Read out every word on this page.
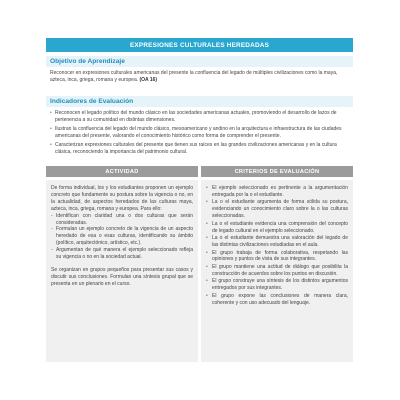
EXPRESIONES CULTURALES HEREDADAS
Objetivo de Aprendizaje
Reconocer en expresiones culturales americanas del presente la confluencia del legado de múltiples civilizaciones como la maya, azteca, inca, griega, romana y europea. (OA 16)
Indicadores de Evaluación
• Reconocen el legado político del mundo clásico en las sociedades americanas actuales, promoviendo el desarrollo de lazos de pertenencia a su comunidad en distintas dimensiones.
• Ilustran la confluencia del legado del mundo clásico, mesoamericano y andino en la arquitectura e infraestructura de las ciudades americanas del presente, valorando el conocimiento histórico como forma de comprender el presente.
• Caracterizan expresiones culturales del presente que tienen sus raíces en las grandes civilizaciones americanas y en la cultura clásica, reconociendo la importancia del patrimonio cultural.
ACTIVIDAD	CRITERIOS DE EVALUACIÓN

De forma individual, los y los estudiantes proponen un ejemplo concreto que fundamente su postura sobre la vigencia o no, en la actualidad, de aspectos heredados de las culturas maya, azteca, inca, griega, romana y europea. Para ello:

- Identifican con claridad una o dos culturas que serán consideradas.
- Formulan un ejemplo concreto de la vigencia de un aspecto heredado de esa o esas culturas, identificando su ámbito (político, arquitectónico, artístico, etc.).
- Argumentan de qué manera el ejemplo seleccionado refleja su vigencia o no en la sociedad actual.

Se organizan en grupos pequeños para presentar sus casos y discutir sus conclusiones. Formulan una síntesis grupal que se presenta en un plenario en el curso.

• El ejemplo seleccionado es pertinente a la argumentación entregada por la o el estudiante.
• La o el estudiante argumenta de forma sólida su postura, evidenciando un conocimiento claro sobre la o las culturas seleccionadas.
• La o el estudiante evidencia una comprensión del concepto de legado cultural en el ejemplo seleccionado.
• La o el estudiante demuestra una valoración del legado de las distintas civilizaciones estudiadas en el aula.
• El grupo trabaja de forma colaborativa, respetando las opiniones y puntos de vista de sus integrantes.
• El grupo mantiene una actitud de diálogo que posibilita la construcción de acuerdos sobre los puntos en discusión.
• El grupo construye una síntesis de los distintos argumentos entregados por sus integrantes.
• El grupo expone las conclusiones de manera clara, coherente y con uso adecuado del lenguaje.
